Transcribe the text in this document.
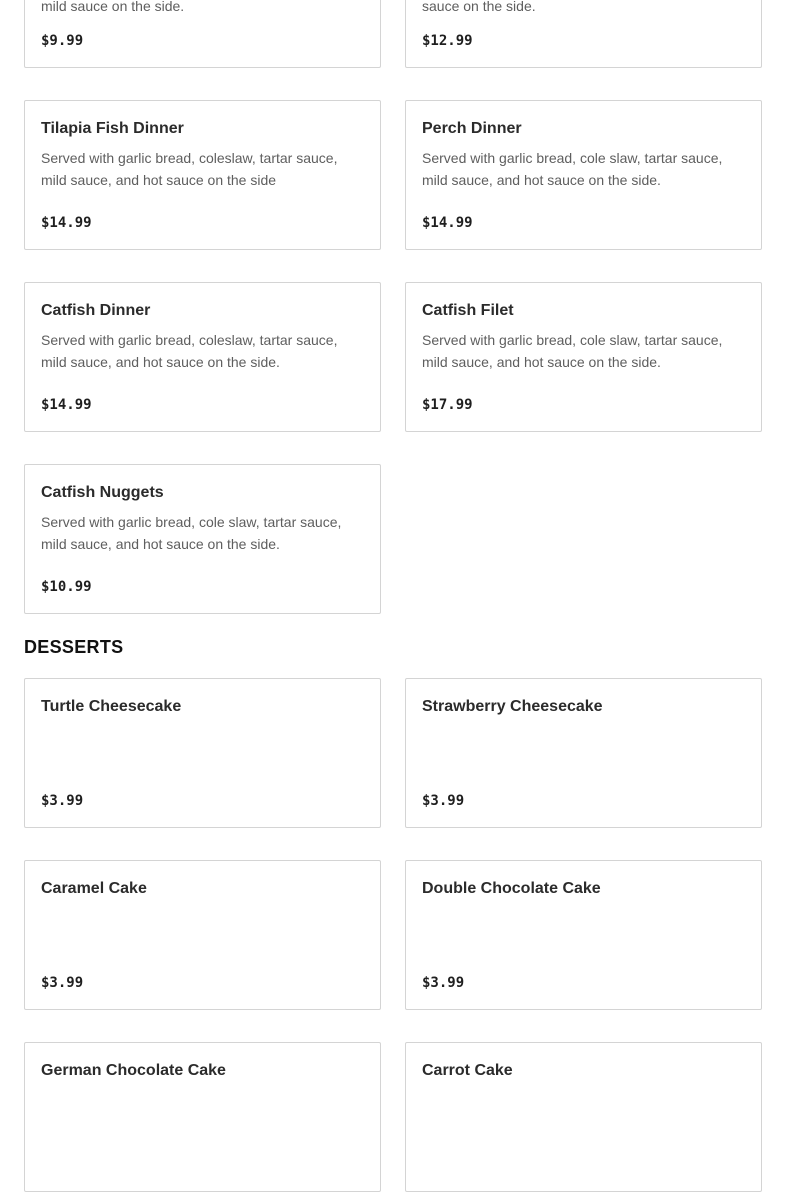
mild sauce on the side.
$9.99
sauce on the side.
$12.99
Tilapia Fish Dinner
Served with garlic bread, coleslaw, tartar sauce, mild sauce, and hot sauce on the side
$14.99
Perch Dinner
Served with garlic bread, cole slaw, tartar sauce, mild sauce, and hot sauce on the side.
$14.99
Catfish Dinner
Served with garlic bread, coleslaw, tartar sauce, mild sauce, and hot sauce on the side.
$14.99
Catfish Filet
Served with garlic bread, cole slaw, tartar sauce, mild sauce, and hot sauce on the side.
$17.99
Catfish Nuggets
Served with garlic bread, cole slaw, tartar sauce, mild sauce, and hot sauce on the side.
$10.99
DESSERTS
Turtle Cheesecake
$3.99
Strawberry Cheesecake
$3.99
Caramel Cake
$3.99
Double Chocolate Cake
$3.99
German Chocolate Cake	Carrot Cake
